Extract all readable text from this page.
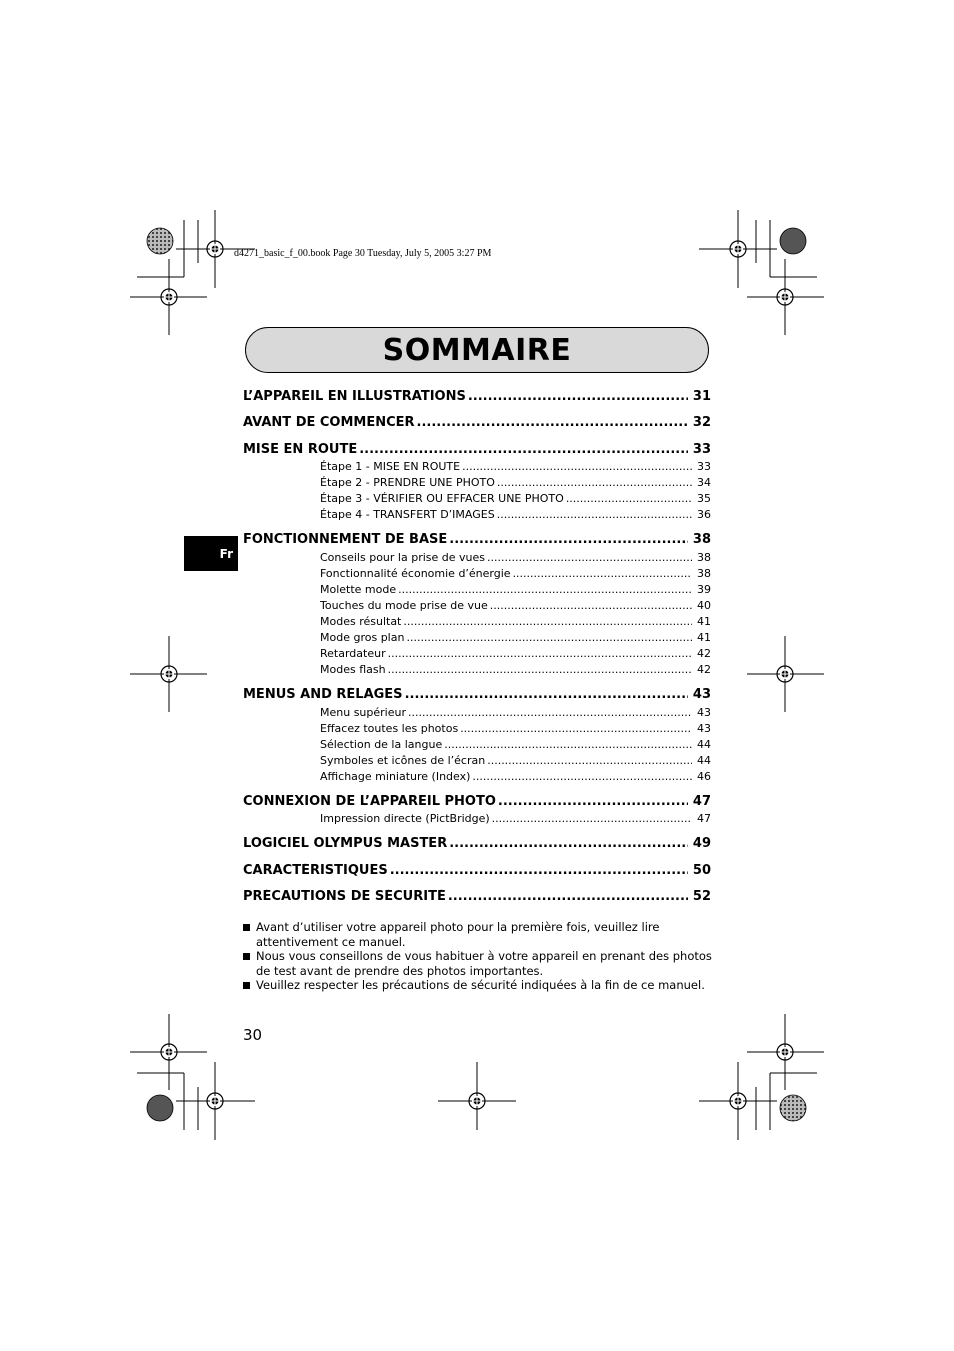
d4271_basic_f_00.book Page 30 Tuesday, July 5, 2005 3:27 PM
SOMMAIRE
Fr
L’APPAREIL EN ILLUSTRATIONS .....	31
AVANT DE COMMENCER .....	32
MISE EN ROUTE .....	33
Étape 1 - MISE EN ROUTE .....	33
Étape 2 - PRENDRE UNE PHOTO .....	34
Étape 3 - VÉRIFIER OU EFFACER UNE PHOTO .....	35
Étape 4 - TRANSFERT D’IMAGES .....	36
FONCTIONNEMENT DE BASE .....	38
Conseils pour la prise de vues .....	38
Fonctionnalité économie d’énergie .....	38
Molette mode .....	39
Touches du mode prise de vue .....	40
Modes résultat .....	41
Mode gros plan .....	41
Retardateur .....	42
Modes flash .....	42
MENUS AND RÉLAGES .....	43
Menu supérieur .....	43
Effacez toutes les photos .....	43
Sélection de la langue .....	44
Symboles et icônes de l’écran .....	44
Affichage miniature (Index) .....	46
CONNEXION DE L’APPAREIL PHOTO .....	47
Impression directe (PictBridge) .....	47
LOGICIEL OLYMPUS MASTER .....	49
CARACTÉRISTIQUES .....	50
PRÉCAUTIONS DE SÉCURITÉ .....	52

Avant d’utiliser votre appareil photo pour la première fois, veuillez lire attentivement ce manuel.

Nous vous conseillons de vous habituer à votre appareil en prenant des photos de test avant de prendre des photos importantes.

Veuillez respecter les précautions de sécurité indiquées à la fin de ce manuel.

30
